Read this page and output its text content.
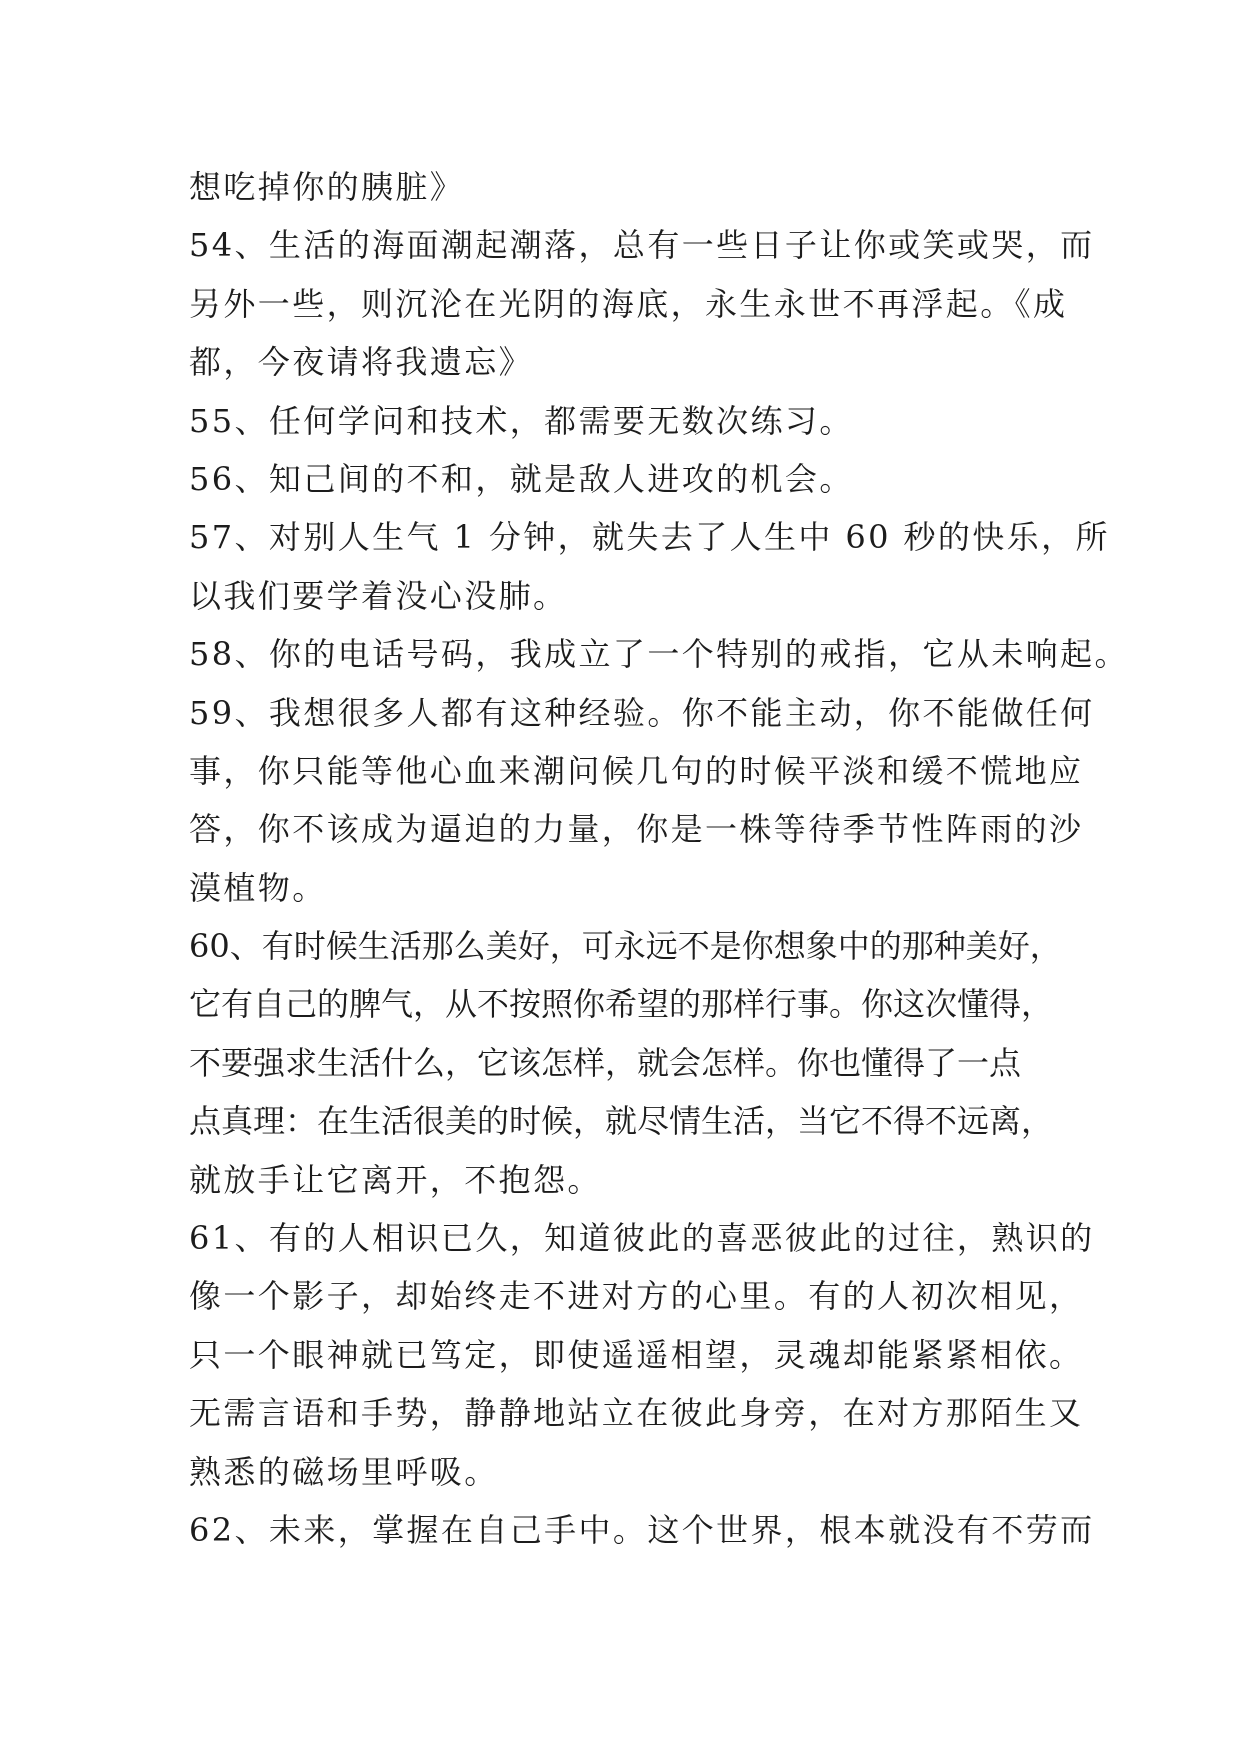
想吃掉你的胰脏》
54、生活的海面潮起潮落，总有一些日子让你或笑或哭，而
另外一些，则沉沦在光阴的海底，永生永世不再浮起。《成
都，今夜请将我遗忘》
55、任何学问和技术，都需要无数次练习。
56、知己间的不和，就是敌人进攻的机会。
57、对别人生气 1 分钟，就失去了人生中 60 秒的快乐，所
以我们要学着没心没肺。
58、你的电话号码，我成立了一个特别的戒指，它从未响起。
59、我想很多人都有这种经验。你不能主动，你不能做任何
事，你只能等他心血来潮问候几句的时候平淡和缓不慌地应
答，你不该成为逼迫的力量，你是一株等待季节性阵雨的沙
漠植物。
60、有时候生活那么美好，可永远不是你想象中的那种美好，
它有自己的脾气，从不按照你希望的那样行事。你这次懂得，
不要强求生活什么，它该怎样，就会怎样。你也懂得了一点
点真理：在生活很美的时候，就尽情生活，当它不得不远离，
就放手让它离开，不抱怨。
61、有的人相识已久，知道彼此的喜恶彼此的过往，熟识的
像一个影子，却始终走不进对方的心里。有的人初次相见，
只一个眼神就已笃定，即使遥遥相望，灵魂却能紧紧相依。
无需言语和手势，静静地站立在彼此身旁，在对方那陌生又
熟悉的磁场里呼吸。
62、未来，掌握在自己手中。这个世界，根本就没有不劳而
